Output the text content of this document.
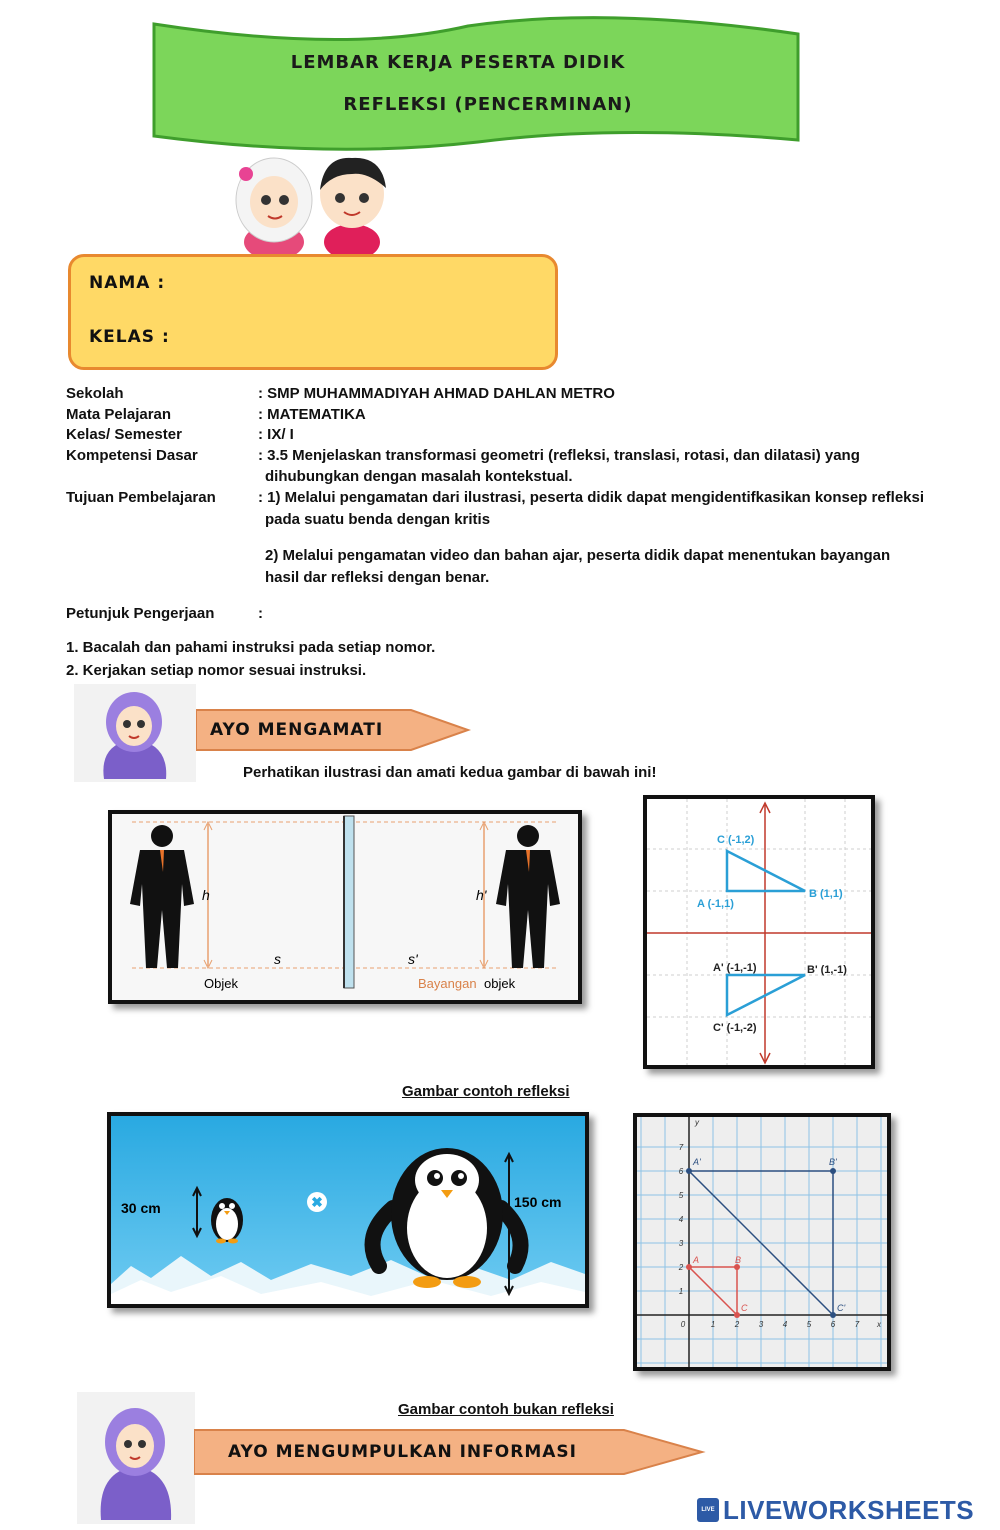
LEMBAR KERJA PESERTA DIDIK
REFLEKSI (PENCERMINAN)
NAMA :
KELAS :
Sekolah	: SMP MUHAMMADIYAH AHMAD DAHLAN METRO
Mata Pelajaran	: MATEMATIKA
Kelas/ Semester	: IX/ I
Kompetensi Dasar	: 3.5 Menjelaskan transformasi geometri (refleksi, translasi, rotasi, dan dilatasi) yang
dihubungkan dengan masalah kontekstual.
Tujuan Pembelajaran	: 1) Melalui pengamatan dari ilustrasi, peserta didik dapat mengidentifkasikan konsep refleksi
pada suatu benda dengan kritis
2) Melalui pengamatan video dan bahan ajar, peserta didik dapat menentukan bayangan
hasil dar refleksi dengan benar.
Petunjuk Pengerjaan	:
1. Bacalah dan pahami instruksi pada setiap nomor.
2. Kerjakan setiap nomor sesuai instruksi.
AYO MENGAMATI
Perhatikan ilustrasi dan amati kedua gambar di bawah ini!
h	h'
s	s'
Objek	Bayangan objek
C (-1,2)
A (-1,1)
B (1,1)
A' (-1,-1)	B' (1,-1)
C' (-1,-2)
Gambar contoh refleksi
30 cm	✖	150 cm
0	1 2 3 4 5 6 7 x
1
2
3
4
5
6
7
y
A'	B'
A	B
C	C'
Gambar contoh bukan refleksi
AYO MENGUMPULKAN INFORMASI
LIVE LIVEWORKSHEETS
